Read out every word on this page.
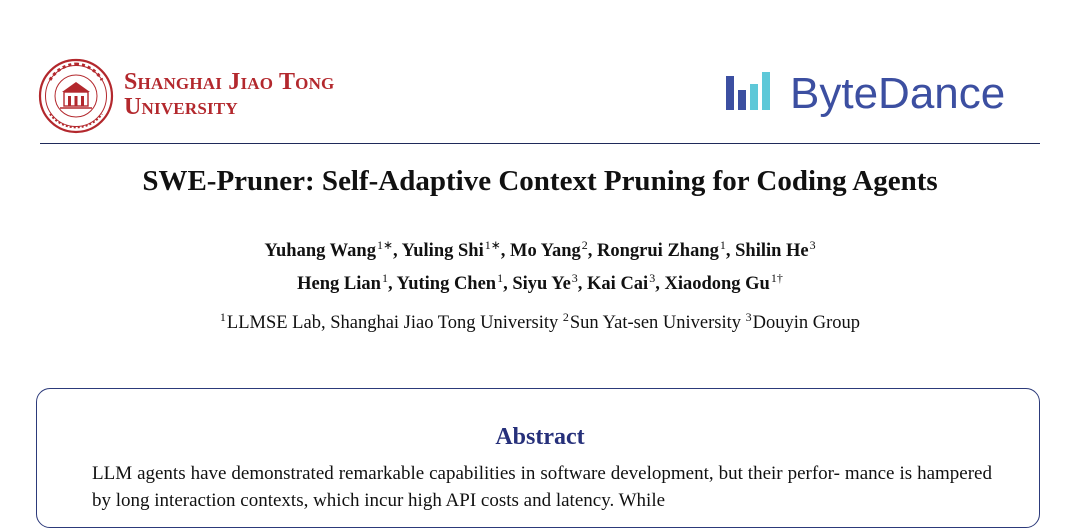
Shanghai Jiao Tong
University	ByteDance
SWE-Pruner: Self-Adaptive Context Pruning for Coding Agents
Yuhang Wang$^{1∗}$, Yuling Shi$^{1∗}$, Mo Yang$^2$, Rongrui Zhang$^1$, Shilin He$^3$
Heng Lian$^1$, Yuting Chen$^1$, Siyu Ye$^3$, Kai Cai$^3$, Xiaodong $Gu^{1\dagger}$
$^1$LLMSE Lab, Shanghai Jiao Tong University $^2$Sun Yat-sen University $^3$Douyin Group
Abstract
LLM agents have demonstrated remarkable capabilities in software development, but their perfor- mance is hampered by long interaction contexts, which incur high API costs and latency. While
